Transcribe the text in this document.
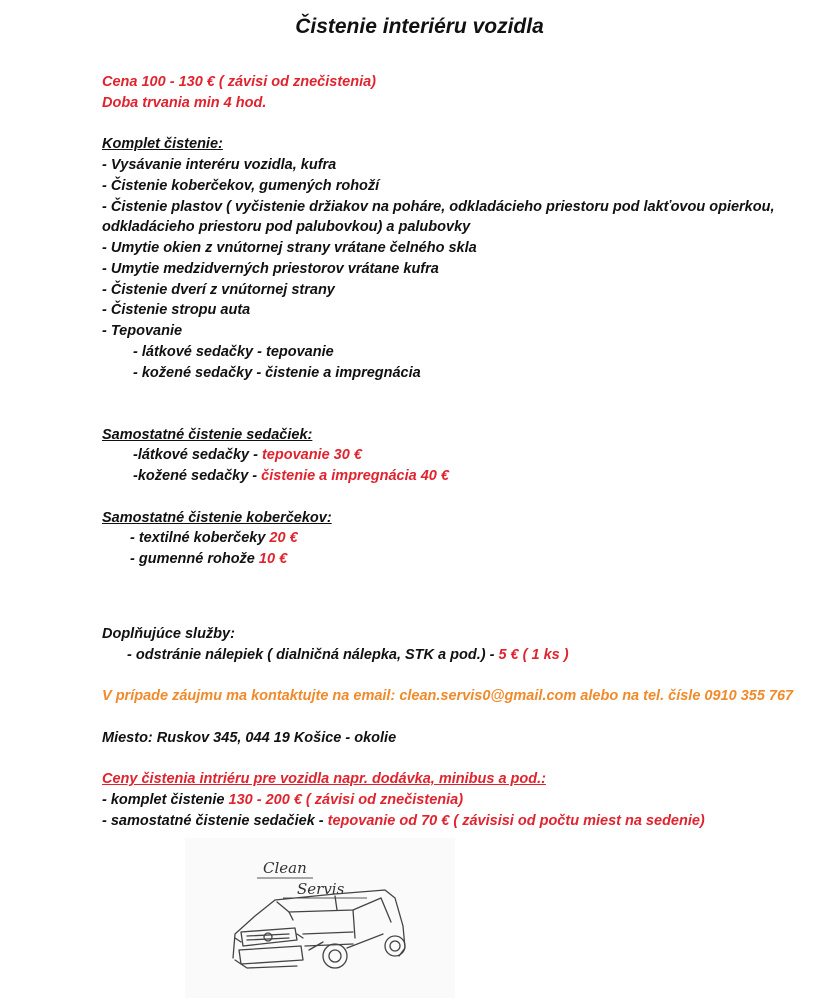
Čistenie interiéru vozidla
Cena 100 - 130 € ( závisi od znečistenia)
Doba trvania min 4 hod.
Komplet čistenie:
- Vysávanie interéru vozidla, kufra
- Čistenie koberčekov, gumených rohoží
- Čistenie plastov ( vyčistenie držiakov na poháre, odkladácieho priestoru pod lakťovou opierkou,
odkladácieho priestoru pod palubovkou) a palubovky
- Umytie okien z vnútornej strany vrátane čelného skla
- Umytie medzidverných priestorov vrátane kufra
- Čistenie dverí z vnútornej strany
- Čistenie stropu auta
- Tepovanie
- látkové sedačky - tepovanie
- kožené sedačky - čistenie a impregnácia
Samostatné čistenie sedačiek:
-látkové sedačky - tepovanie 30 €
-kožené sedačky - čistenie a impregnácia 40 €
Samostatné čistenie koberčekov:
- textilné koberčeky 20 €
- gumenné rohože 10 €
Doplňujúce služby:
- odstránie nálepiek ( dialničná nálepka, STK a pod.) - 5 € ( 1 ks )
V prípade záujmu ma kontaktujte na email: clean.servis0@gmail.com alebo na tel. čísle 0910 355 767
Miesto: Ruskov 345, 044 19 Košice - okolie
Ceny čistenia intriéru pre vozidla napr. dodávka, minibus a pod.:
- komplet čistenie 130 - 200 € ( závisi od znečistenia)
- samostatné čistenie sedačiek - tepovanie od 70 € ( závisisi od počtu miest na sedenie)
Clean
Servis
